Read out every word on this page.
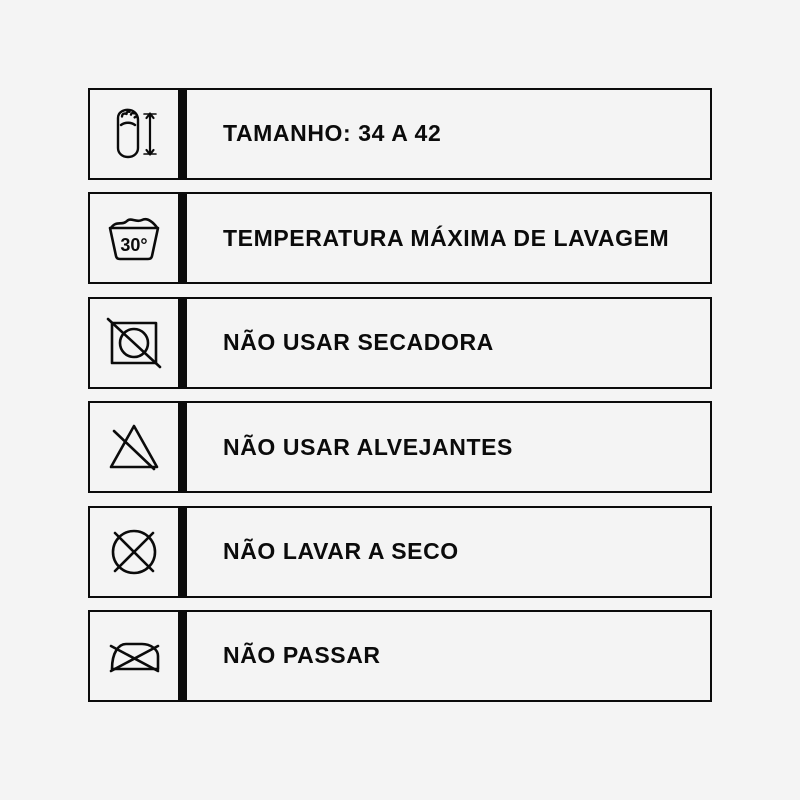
TAMANHO: 34 A 42
30°	TEMPERATURA MÁXIMA DE LAVAGEM
NÃO USAR SECADORA
NÃO USAR ALVEJANTES
NÃO LAVAR A SECO
NÃO PASSAR
